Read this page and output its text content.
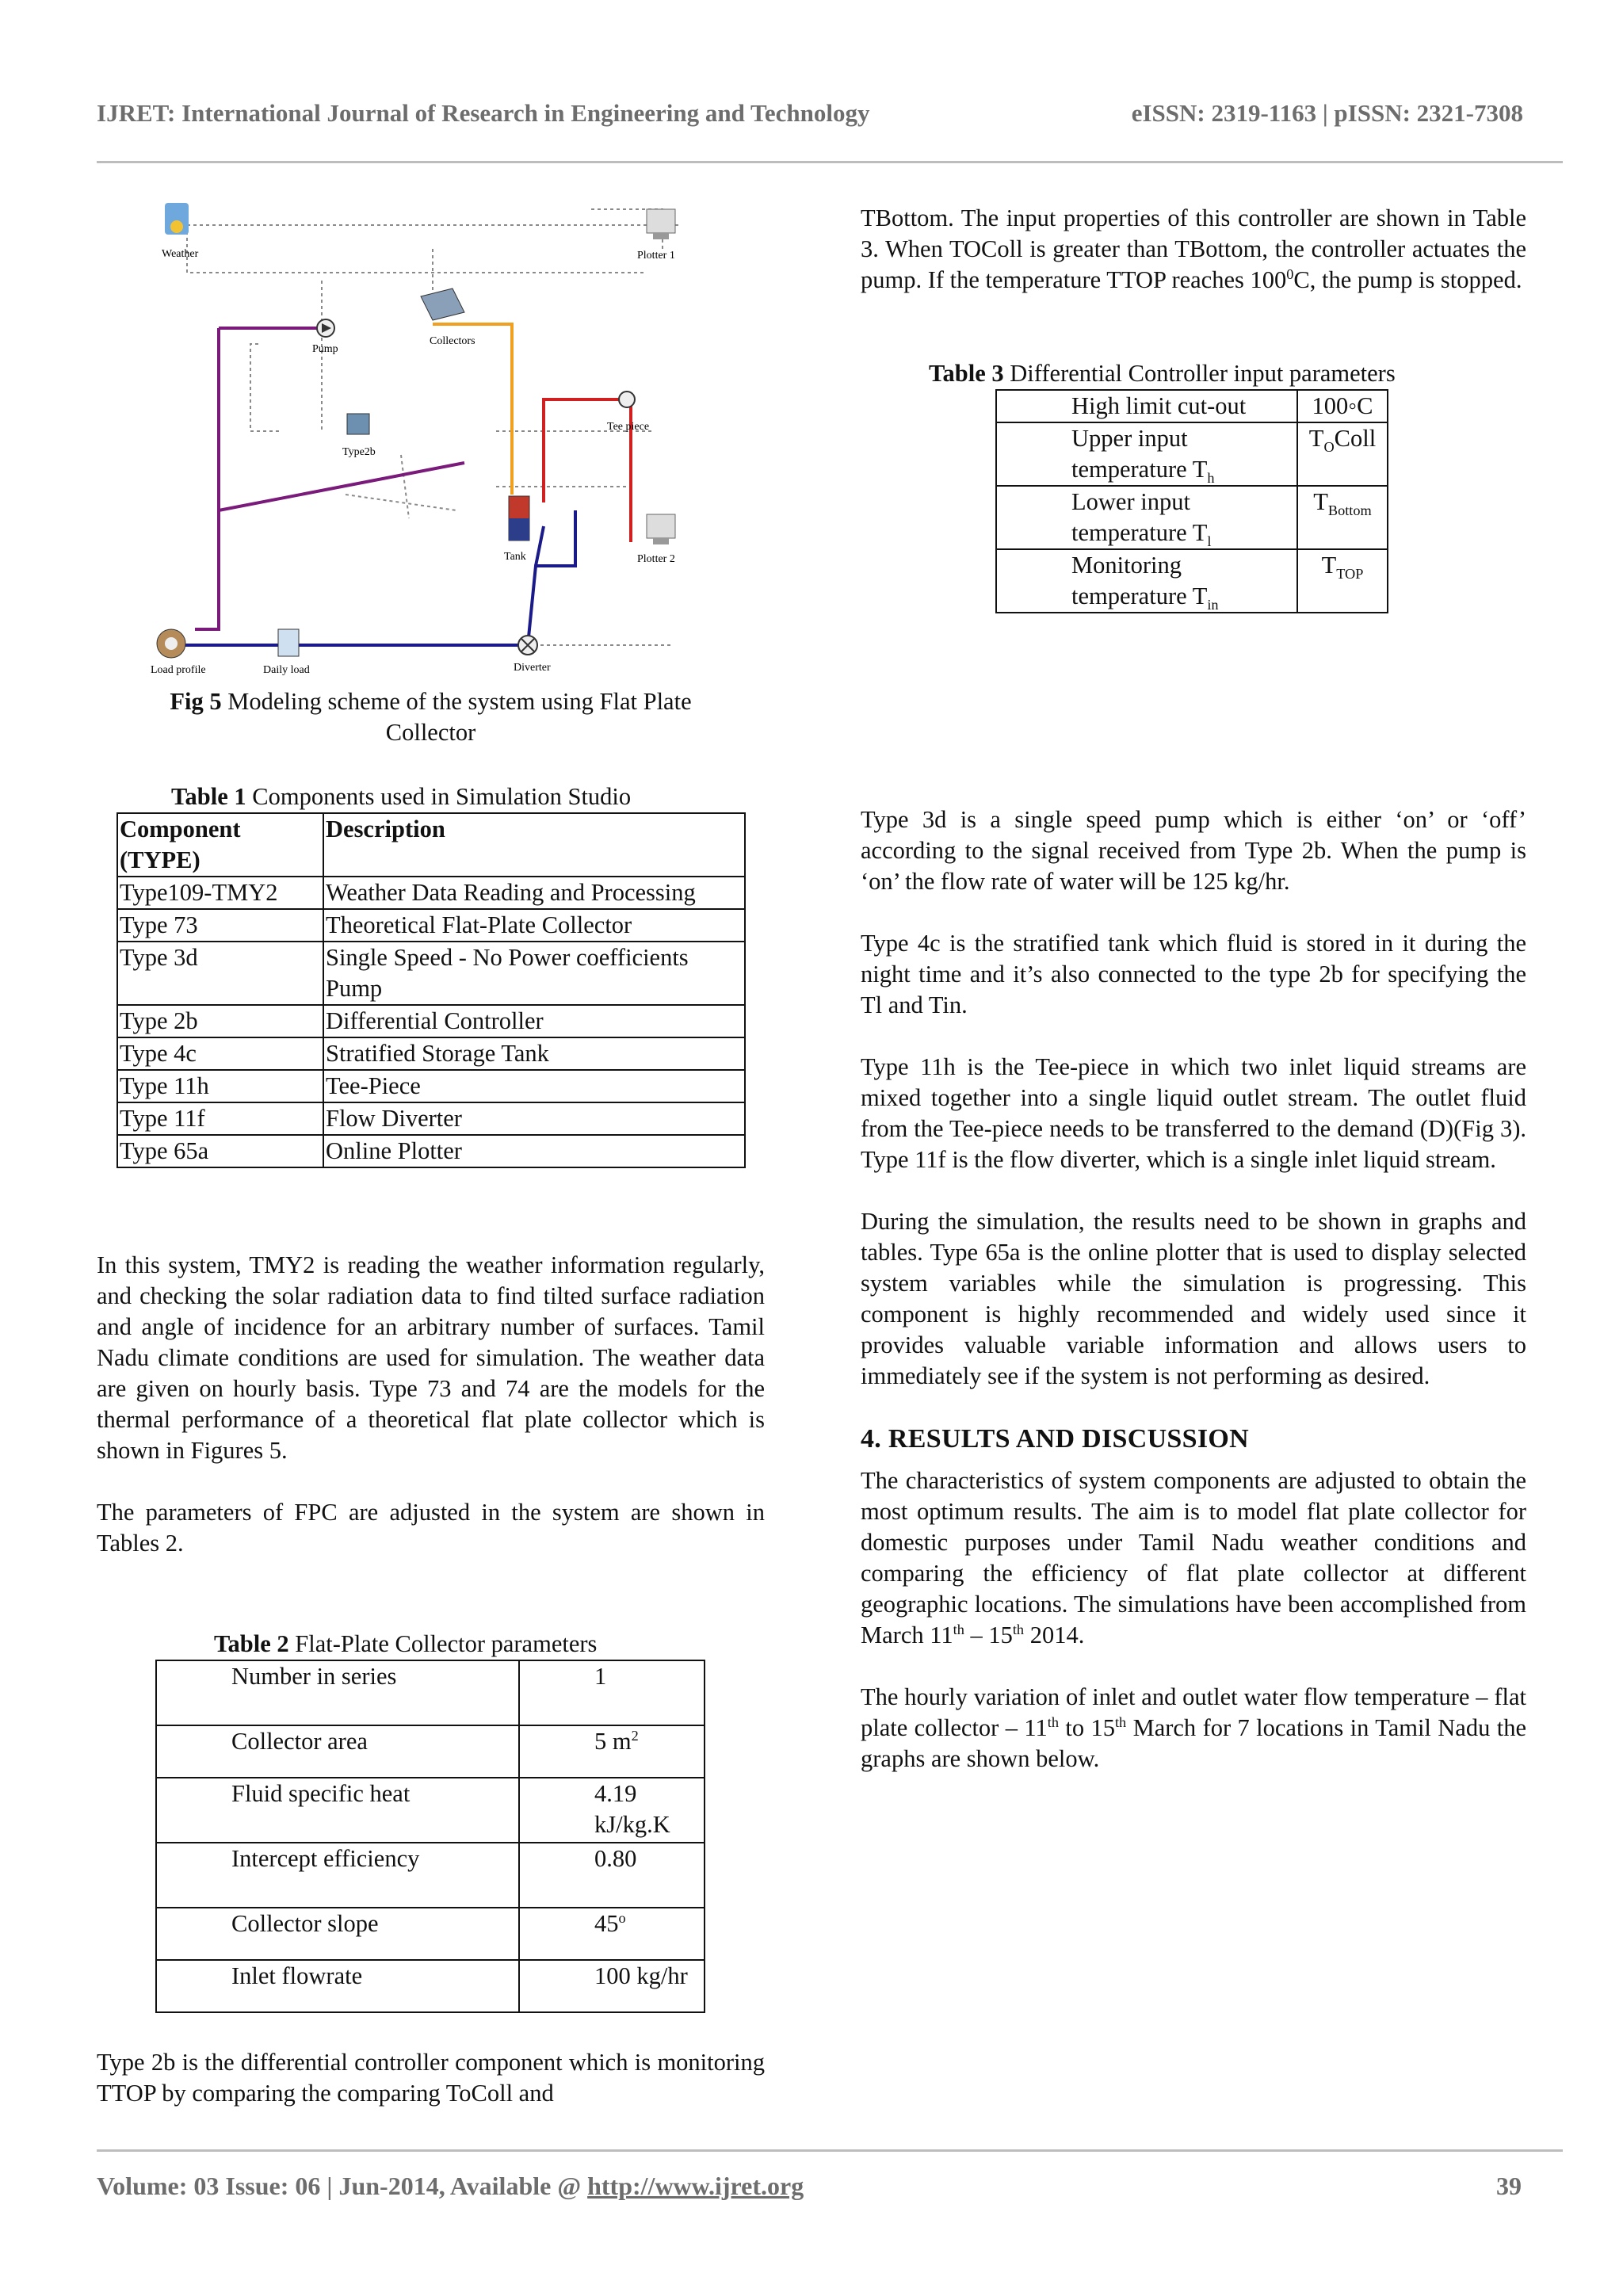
IJRET: International Journal of Research in Engineering and Technology	eISSN: 2319-1163 | pISSN: 2321-7308
Weather	Plotter 1
Collectors
Pump
Type2b
Tee piece
Tank	Plotter 2
Load profile	Daily load	Diverter

Fig 5 Modeling scheme of the system using Flat Plate Collector

Table 1 Components used in Simulation Studio

Component (TYPE)	Description
Type109-TMY2	Weather Data Reading and Processing
Type 73	Theoretical Flat-Plate Collector
Type 3d	Single Speed - No Power coefficients Pump
Type 2b	Differential Controller
Type 4c	Stratified Storage Tank
Type 11h	Tee-Piece
Type 11f	Flow Diverter
Type 65a	Online Plotter

In this system, TMY2 is reading the weather information regularly, and checking the solar radiation data to find tilted surface radiation and angle of incidence for an arbitrary number of surfaces. Tamil Nadu climate conditions are used for simulation. The weather data are given on hourly basis. Type 73 and 74 are the models for the thermal performance of a theoretical flat plate collector which is shown in Figures 5.

The parameters of FPC are adjusted in the system are shown in Tables 2.

Table 2 Flat-Plate Collector parameters

Number in series	1
Collector area	5 $m^2$
Fluid specific heat	4.19 kJ/kg.K
Intercept efficiency	0.80
Collector slope	45$^o$
Inlet flowrate	100 kg/hr

Type 2b is the differential controller component which is monitoring TTOP by comparing the comparing ToColl and

TBottom. The input properties of this controller are shown in Table 3. When TOColl is greater than TBottom, the controller actuates the pump. If the temperature TTOP reaches $100^0C$, the pump is stopped.

Table 3 Differential Controller input parameters

High limit cut-out	100◦C
Upper input temperature $T_h$	$T_OColl$
Lower input temperature $T_l$	$T_{Bottom}$
Monitoring temperature $T_{in}$	$T_{TOP}$

Type 3d is a single speed pump which is either ‘on’ or ‘off’ according to the signal received from Type 2b. When the pump is ‘on’ the flow rate of water will be 125 kg/hr.

Type 4c is the stratified tank which fluid is stored in it during the night time and it’s also connected to the type 2b for specifying the Tl and Tin.

Type 11h is the Tee-piece in which two inlet liquid streams are mixed together into a single liquid outlet stream. The outlet fluid from the Tee-piece needs to be transferred to the demand (D)(Fig 3). Type 11f is the flow diverter, which is a single inlet liquid stream.

During the simulation, the results need to be shown in graphs and tables. Type 65a is the online plotter that is used to display selected system variables while the simulation is progressing. This component is highly recommended and widely used since it provides valuable variable information and allows users to immediately see if the system is not performing as desired.

4. RESULTS AND DISCUSSION

The characteristics of system components are adjusted to obtain the most optimum results. The aim is to model flat plate collector for domestic purposes under Tamil Nadu weather conditions and comparing the efficiency of flat plate collector at different geographic locations. The simulations have been accomplished from March 11th – 15th 2014.

The hourly variation of inlet and outlet water flow temperature – flat plate collector – 11th to 15th March for 7 locations in Tamil Nadu the graphs are shown below.

Volume: 03 Issue: 06 | Jun-2014, Available @ http://www.ijret.org	39
